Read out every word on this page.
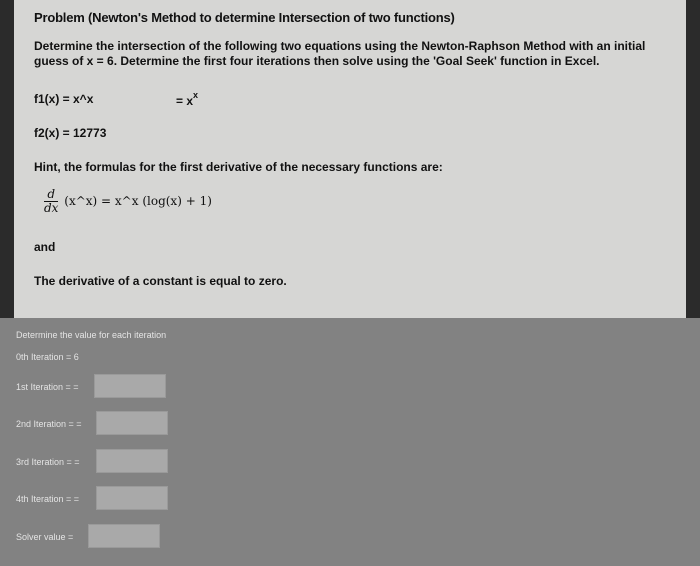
Problem (Newton's Method to determine Intersection of two functions)
Determine the intersection of the following two equations using the Newton-Raphson Method with an initial
guess of x = 6. Determine the first four iterations then solve using the 'Goal Seek' function in Excel.
f1(x) = x^x	= $x^x$
f2(x) = 12773
Hint, the formulas for the first derivative of the necessary functions are:
$\frac{d}{dx}$ (x^x) = x^x (log(x) + 1)
and
The derivative of a constant is equal to zero.
Determine the value for each iteration
0th Iteration = 6
1st Iteration = =
2nd Iteration = =
3rd Iteration = =
4th Iteration = =
Solver value =
